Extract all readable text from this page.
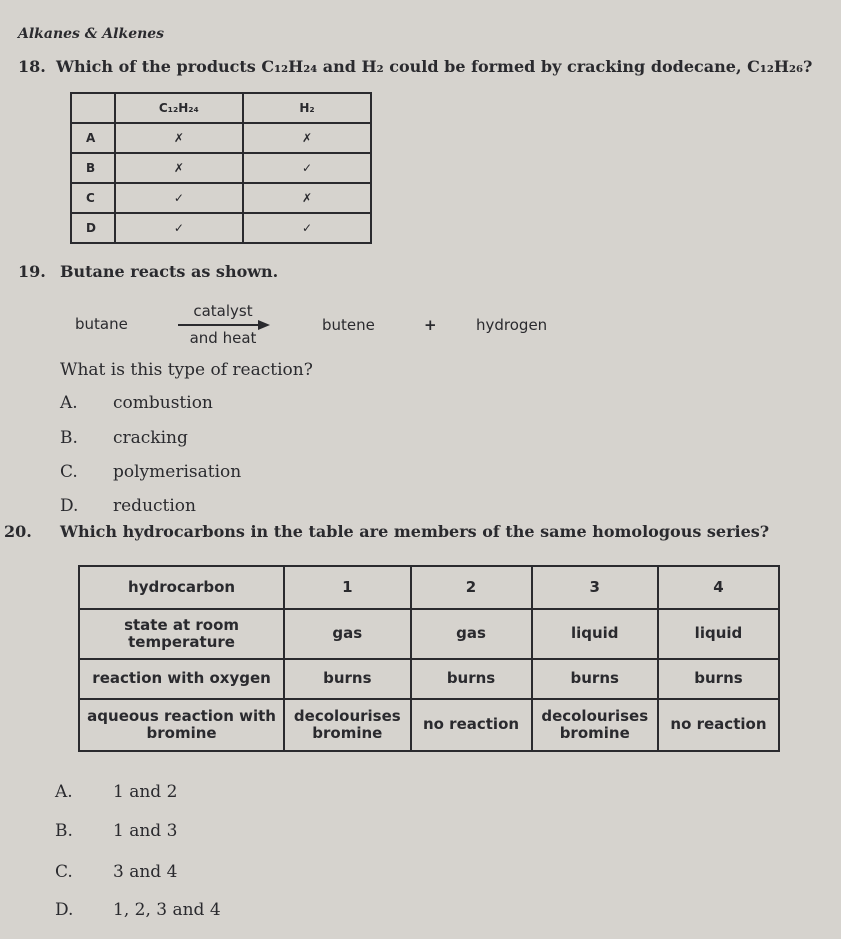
Alkanes & Alkenes
18. Which of the products C₁₂H₂₄ and H₂ could be formed by cracking dodecane, C₁₂H₂₆?
	C₁₂H₂₄	H₂
A	✗	✗
B	✗	✓
C	✓	✗
D	✓	✓
19. Butane reacts as shown.
butane
catalyst
and heat
butene	+	hydrogen
What is this type of reaction?
A. combustion
B. cracking
C. polymerisation
D. reduction
20. Which hydrocarbons in the table are members of the same homologous series?
hydrocarbon	1	2	3	4
state at room temperature	gas	gas	liquid	liquid
reaction with oxygen	burns	burns	burns	burns
aqueous reaction with bromine	decolourises bromine	no reaction	decolourises bromine	no reaction
A. 1 and 2
B. 1 and 3
C. 3 and 4
D. 1, 2, 3 and 4
